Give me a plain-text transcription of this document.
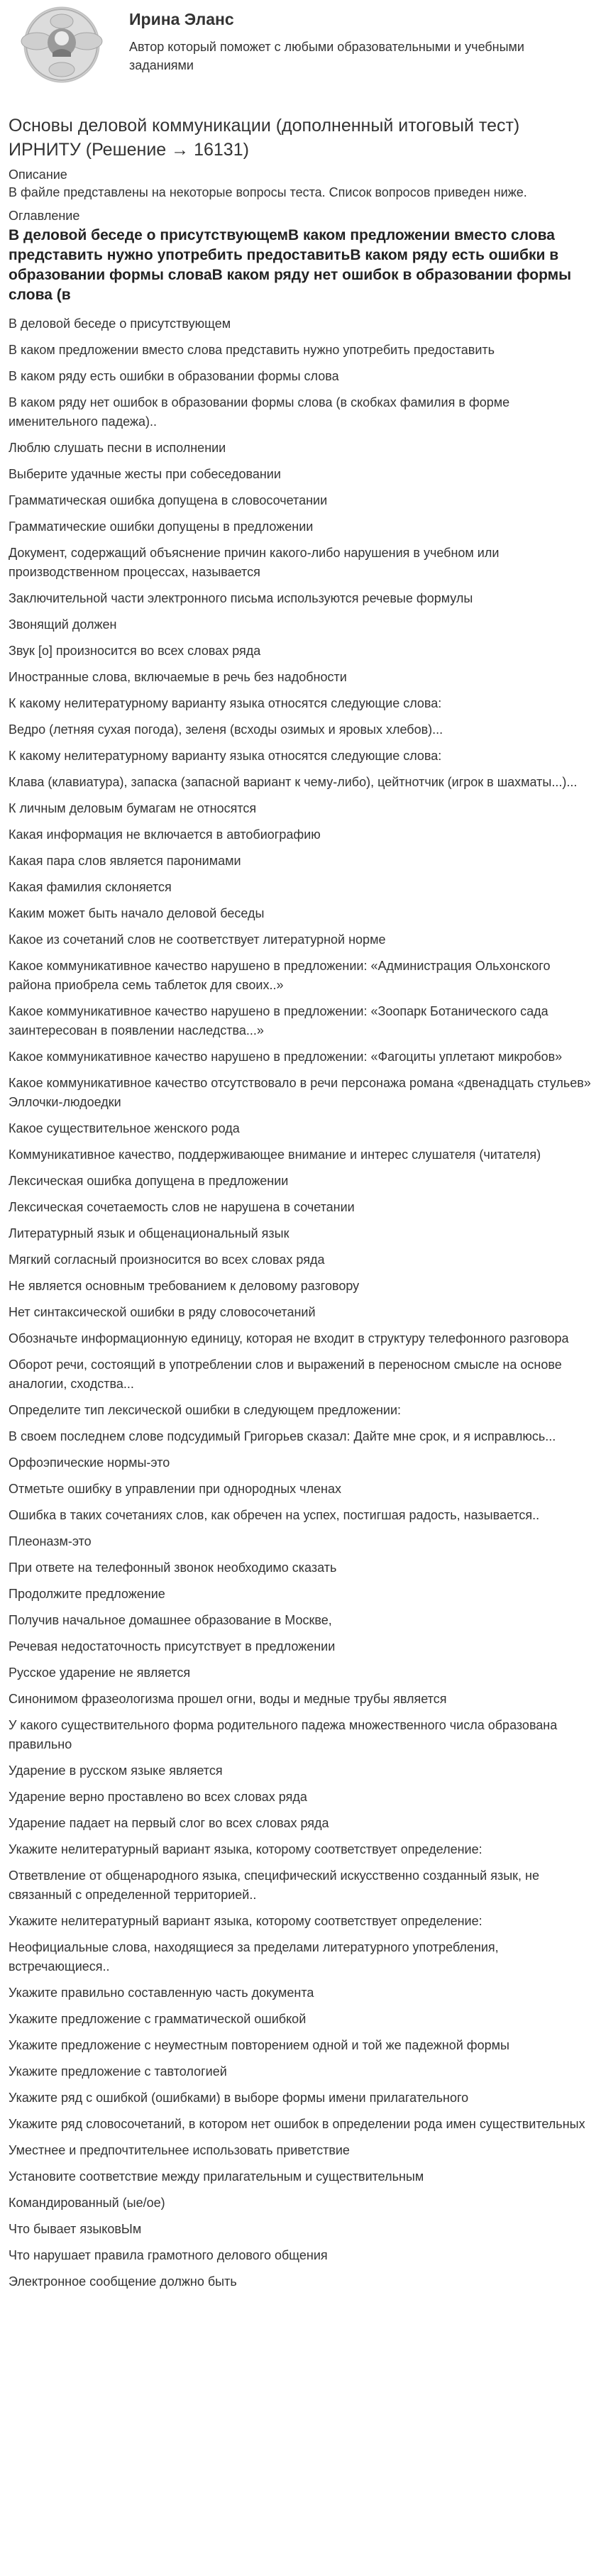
Ирина Эланс
Автор который поможет с любыми образовательными и учебными заданиями
Основы деловой коммуникации (дополненный итоговый тест) ИРНИТУ (Решение → 16131)
Описание
В файле представлены на некоторые вопросы теста. Список вопросов приведен ниже.
Оглавление
В деловой беседе о присутствующемВ каком предложении вместо слова представить нужно употребить предоставитьВ каком ряду есть ошибки в образовании формы словаВ каком ряду нет ошибок в образовании формы слова (в
В деловой беседе о присутствующем
В каком предложении вместо слова представить нужно употребить предоставить
В каком ряду есть ошибки в образовании формы слова
В каком ряду нет ошибок в образовании формы слова (в скобках фамилия в форме именительного падежа)..
Люблю слушать песни в исполнении
Выберите удачные жесты при собеседовании
Грамматическая ошибка допущена в словосочетании
Грамматические ошибки допущены в предложении
Документ, содержащий объяснение причин какого-либо нарушения в учебном или производственном процессах, называется
Заключительной части электронного письма используются речевые формулы
Звонящий должен
Звук [о] произносится во всех словах ряда
Иностранные слова, включаемые в речь без надобности
К какому нелитературному варианту языка относятся следующие слова:
Ведро (летняя сухая погода), зеленя (всходы озимых и яровых хлебов)...
К какому нелитературному варианту языка относятся следующие слова:
Клава (клавиатура), запаска (запасной вариант к чему-либо), цейтнотчик (игрок в шахматы...)...
К личным деловым бумагам не относятся
Какая информация не включается в автобиографию
Какая пара слов является паронимами
Какая фамилия склоняется
Каким может быть начало деловой беседы
Какое из сочетаний слов не соответствует литературной норме
Какое коммуникативное качество нарушено в предложении: «Администрация Ольхонского района приобрела семь таблеток для своих..»
Какое коммуникативное качество нарушено в предложении: «Зоопарк Ботанического сада заинтересован в появлении наследства...»
Какое коммуникативное качество нарушено в предложении: «Фагоциты уплетают микробов»
Какое коммуникативное качество отсутствовало в речи персонажа романа «двенадцать стульев» Эллочки-людоедки
Какое существительное женского рода
Коммуникативное качество, поддерживающее внимание и интерес слушателя (читателя)
Лексическая ошибка допущена в предложении
Лексическая сочетаемость слов не нарушена в сочетании
Литературный язык и общенациональный язык
Мягкий согласный произносится во всех словах ряда
Не является основным требованием к деловому разговору
Нет синтаксической ошибки в ряду словосочетаний
Обозначьте информационную единицу, которая не входит в структуру телефонного разговора
Оборот речи, состоящий в употреблении слов и выражений в переносном смысле на основе аналогии, сходства...
Определите тип лексической ошибки в следующем предложении:
В своем последнем слове подсудимый Григорьев сказал: Дайте мне срок, и я исправлюсь...
Орфоэпические нормы-это
Отметьте ошибку в управлении при однородных членах
Ошибка в таких сочетаниях слов, как обречен на успех, постигшая радость, называется..
Плеоназм-это
При ответе на телефонный звонок необходимо сказать
Продолжите предложение
Получив начальное домашнее образование в Москве,
Речевая недостаточность присутствует в предложении
Русское ударение не является
Синонимом фразеологизма прошел огни, воды и медные трубы является
У какого существительного форма родительного падежа множественного числа образована правильно
Ударение в русском языке является
Ударение верно проставлено во всех словах ряда
Ударение падает на первый слог во всех словах ряда
Укажите нелитературный вариант языка, которому соответствует определение:
Ответвление от общенародного языка, специфический искусственно созданный язык, не связанный с определенной территорией..
Укажите нелитературный вариант языка, которому соответствует определение:
Неофициальные слова, находящиеся за пределами литературного употребления, встречающиеся..
Укажите правильно составленную часть документа
Укажите предложение с грамматической ошибкой
Укажите предложение с неуместным повторением одной и той же падежной формы
Укажите предложение с тавтологией
Укажите ряд с ошибкой (ошибками) в выборе формы имени прилагательного
Укажите ряд словосочетаний, в котором нет ошибок в определении рода имен существительных
Уместнее и предпочтительнее использовать приветствие
Установите соответствие между прилагательным и существительным
Командированный (ые/ое)
Что бывает языковЫм
Что нарушает правила грамотного делового общения
Электронное сообщение должно быть
